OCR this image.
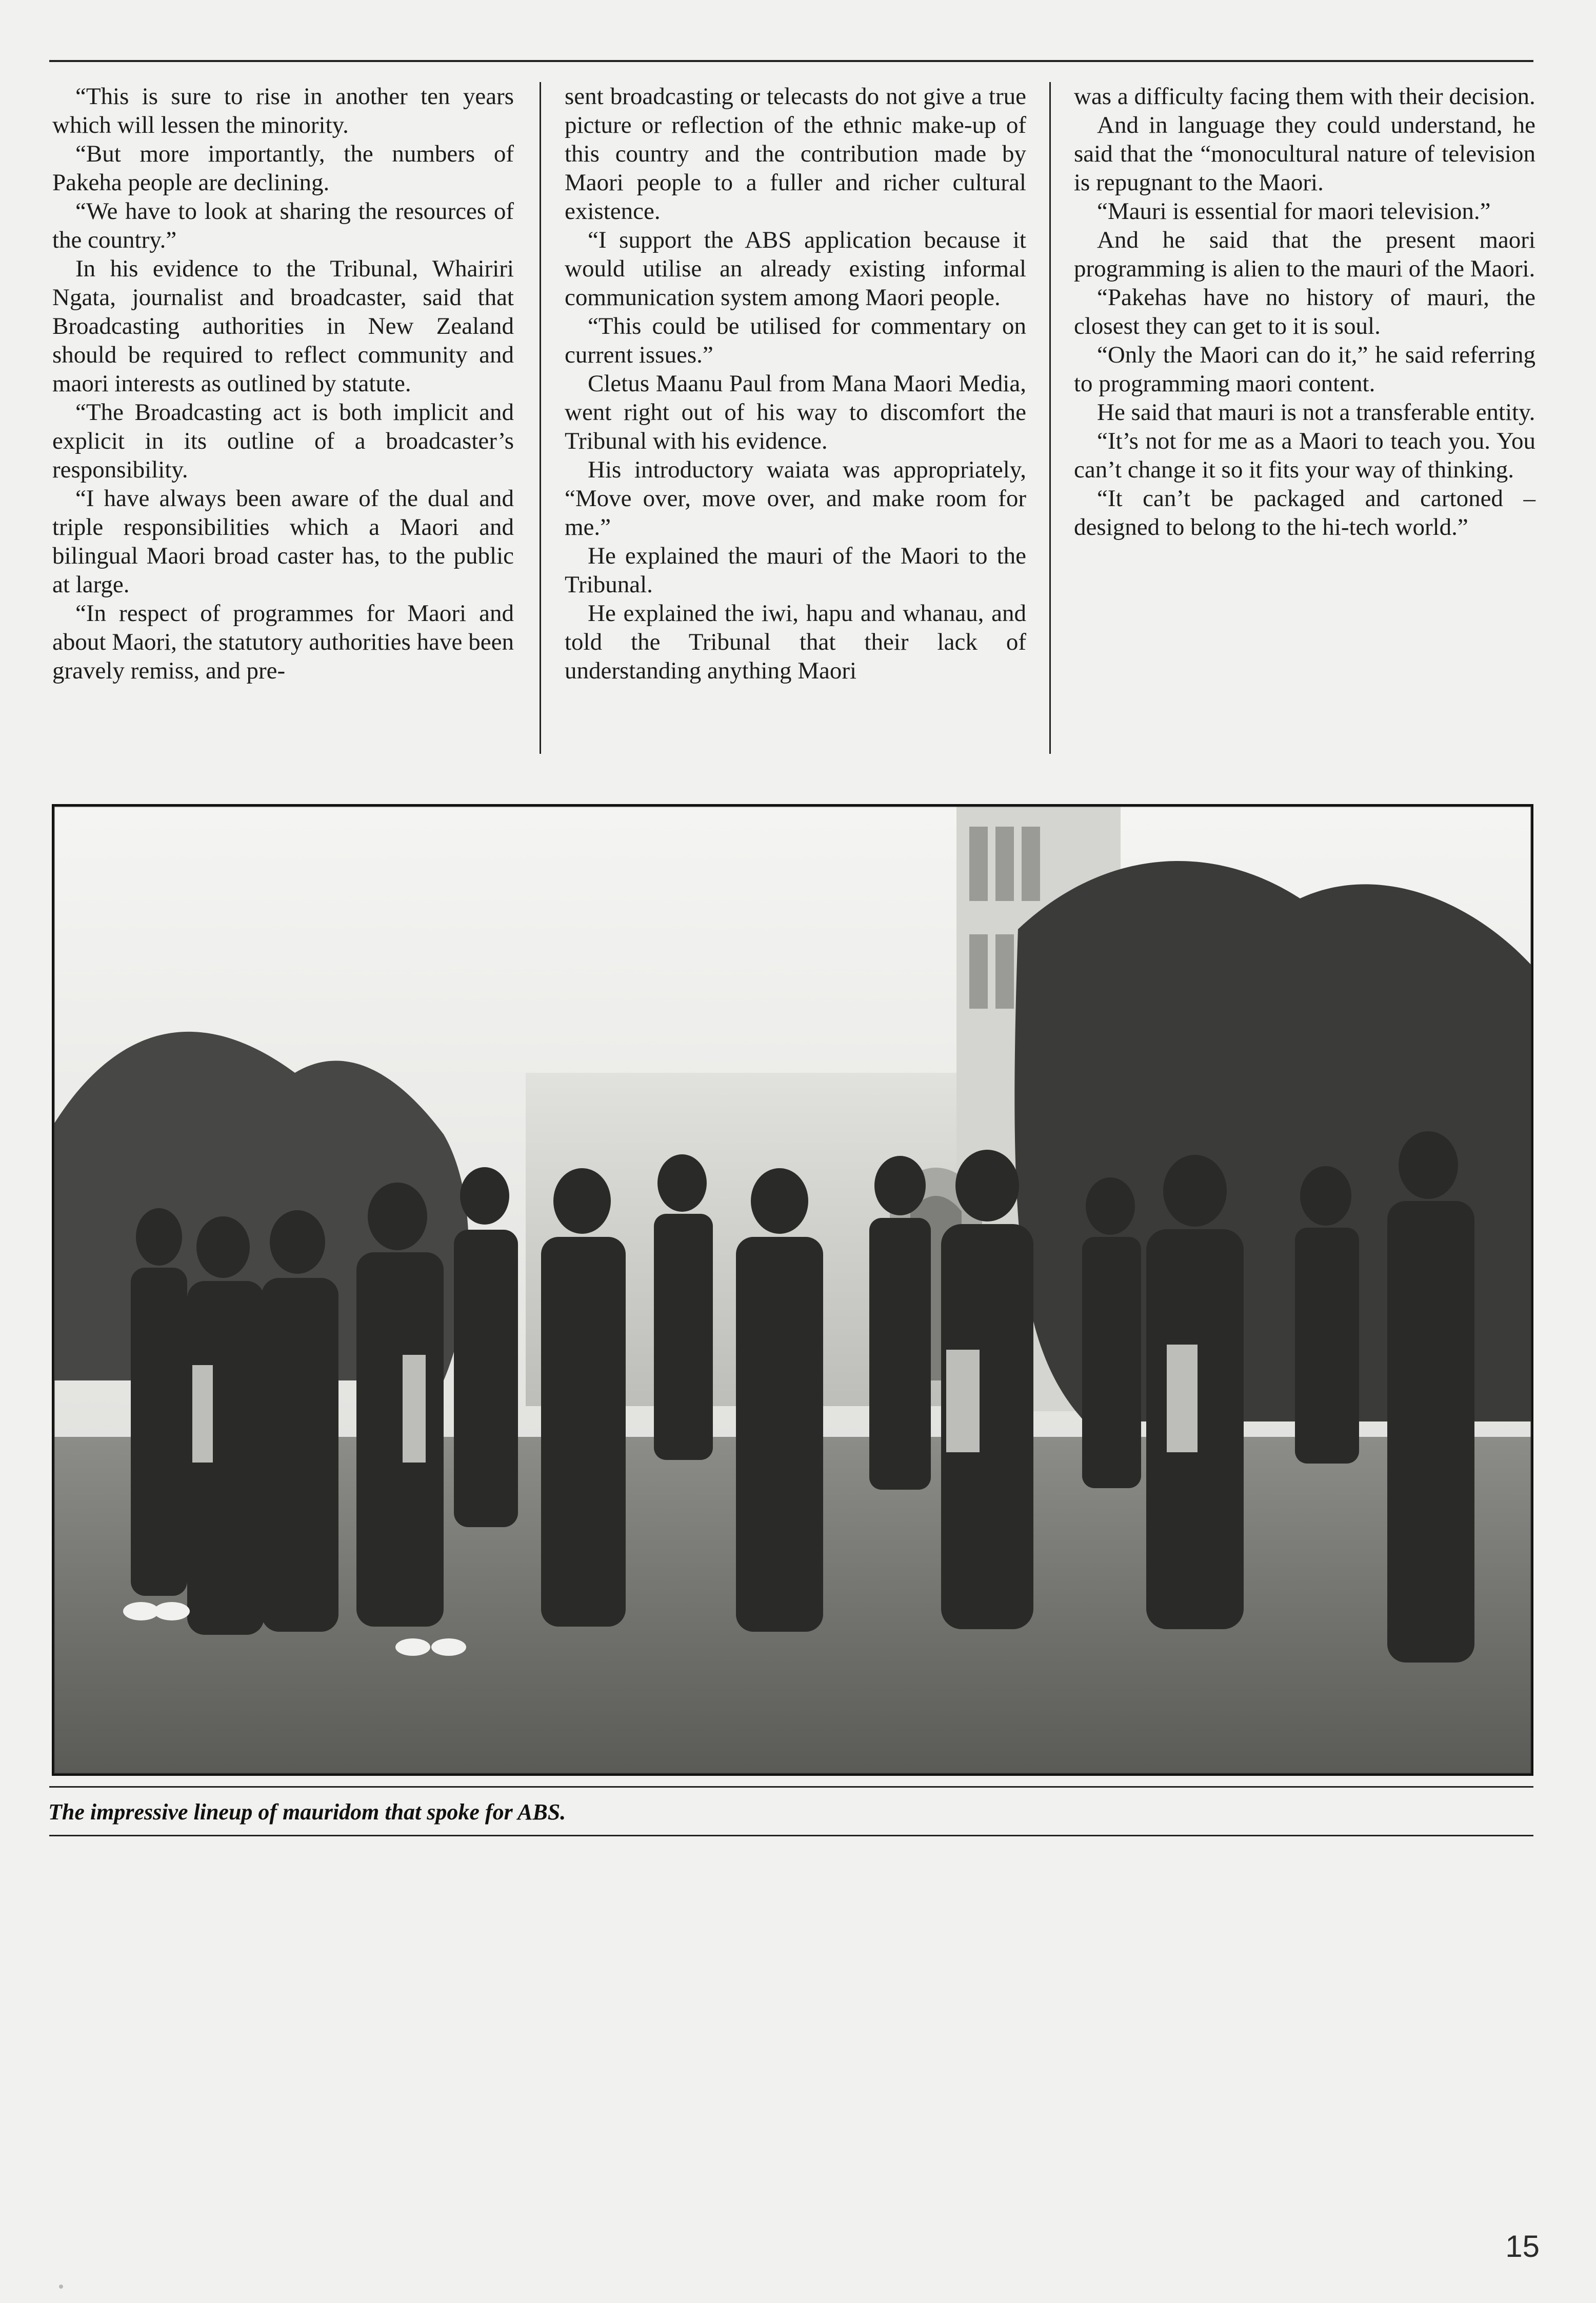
“This is sure to rise in another ten years which will lessen the minority.

“But more importantly, the numbers of Pakeha people are declining.

“We have to look at sharing the resources of the country.”

In his evidence to the Tribunal, Whairiri Ngata, journalist and broadcaster, said that Broadcasting authorities in New Zealand should be required to reflect community and maori interests as outlined by statute.

“The Broadcasting act is both implicit and explicit in its outline of a broadcaster’s responsibility.

“I have always been aware of the dual and triple responsibilities which a Maori and bilingual Maori broad caster has, to the public at large.

“In respect of programmes for Maori and about Maori, the statutory authorities have been gravely remiss, and pre-

sent broadcasting or telecasts do not give a true picture or reflection of the ethnic make-up of this country and the contribution made by Maori people to a fuller and richer cultural existence.

“I support the ABS application because it would utilise an already existing informal communication system among Maori people.

“This could be utilised for commentary on current issues.”

Cletus Maanu Paul from Mana Maori Media, went right out of his way to discomfort the Tribunal with his evidence.

His introductory waiata was appropriately, “Move over, move over, and make room for me.”

He explained the mauri of the Maori to the Tribunal.

He explained the iwi, hapu and whanau, and told the Tribunal that their lack of understanding anything Maori

was a difficulty facing them with their decision.

And in language they could understand, he said that the “monocultural nature of television is repugnant to the Maori.

“Mauri is essential for maori television.”

And he said that the present maori programming is alien to the mauri of the Maori.

“Pakehas have no history of mauri, the closest they can get to it is soul.

“Only the Maori can do it,” he said referring to programming maori content.

He said that mauri is not a transferable entity.

“It’s not for me as a Maori to teach you. You can’t change it so it fits your way of thinking.

“It can’t be packaged and cartoned – designed to belong to the hi-tech world.”

The impressive lineup of mauridom that spoke for ABS.
15
